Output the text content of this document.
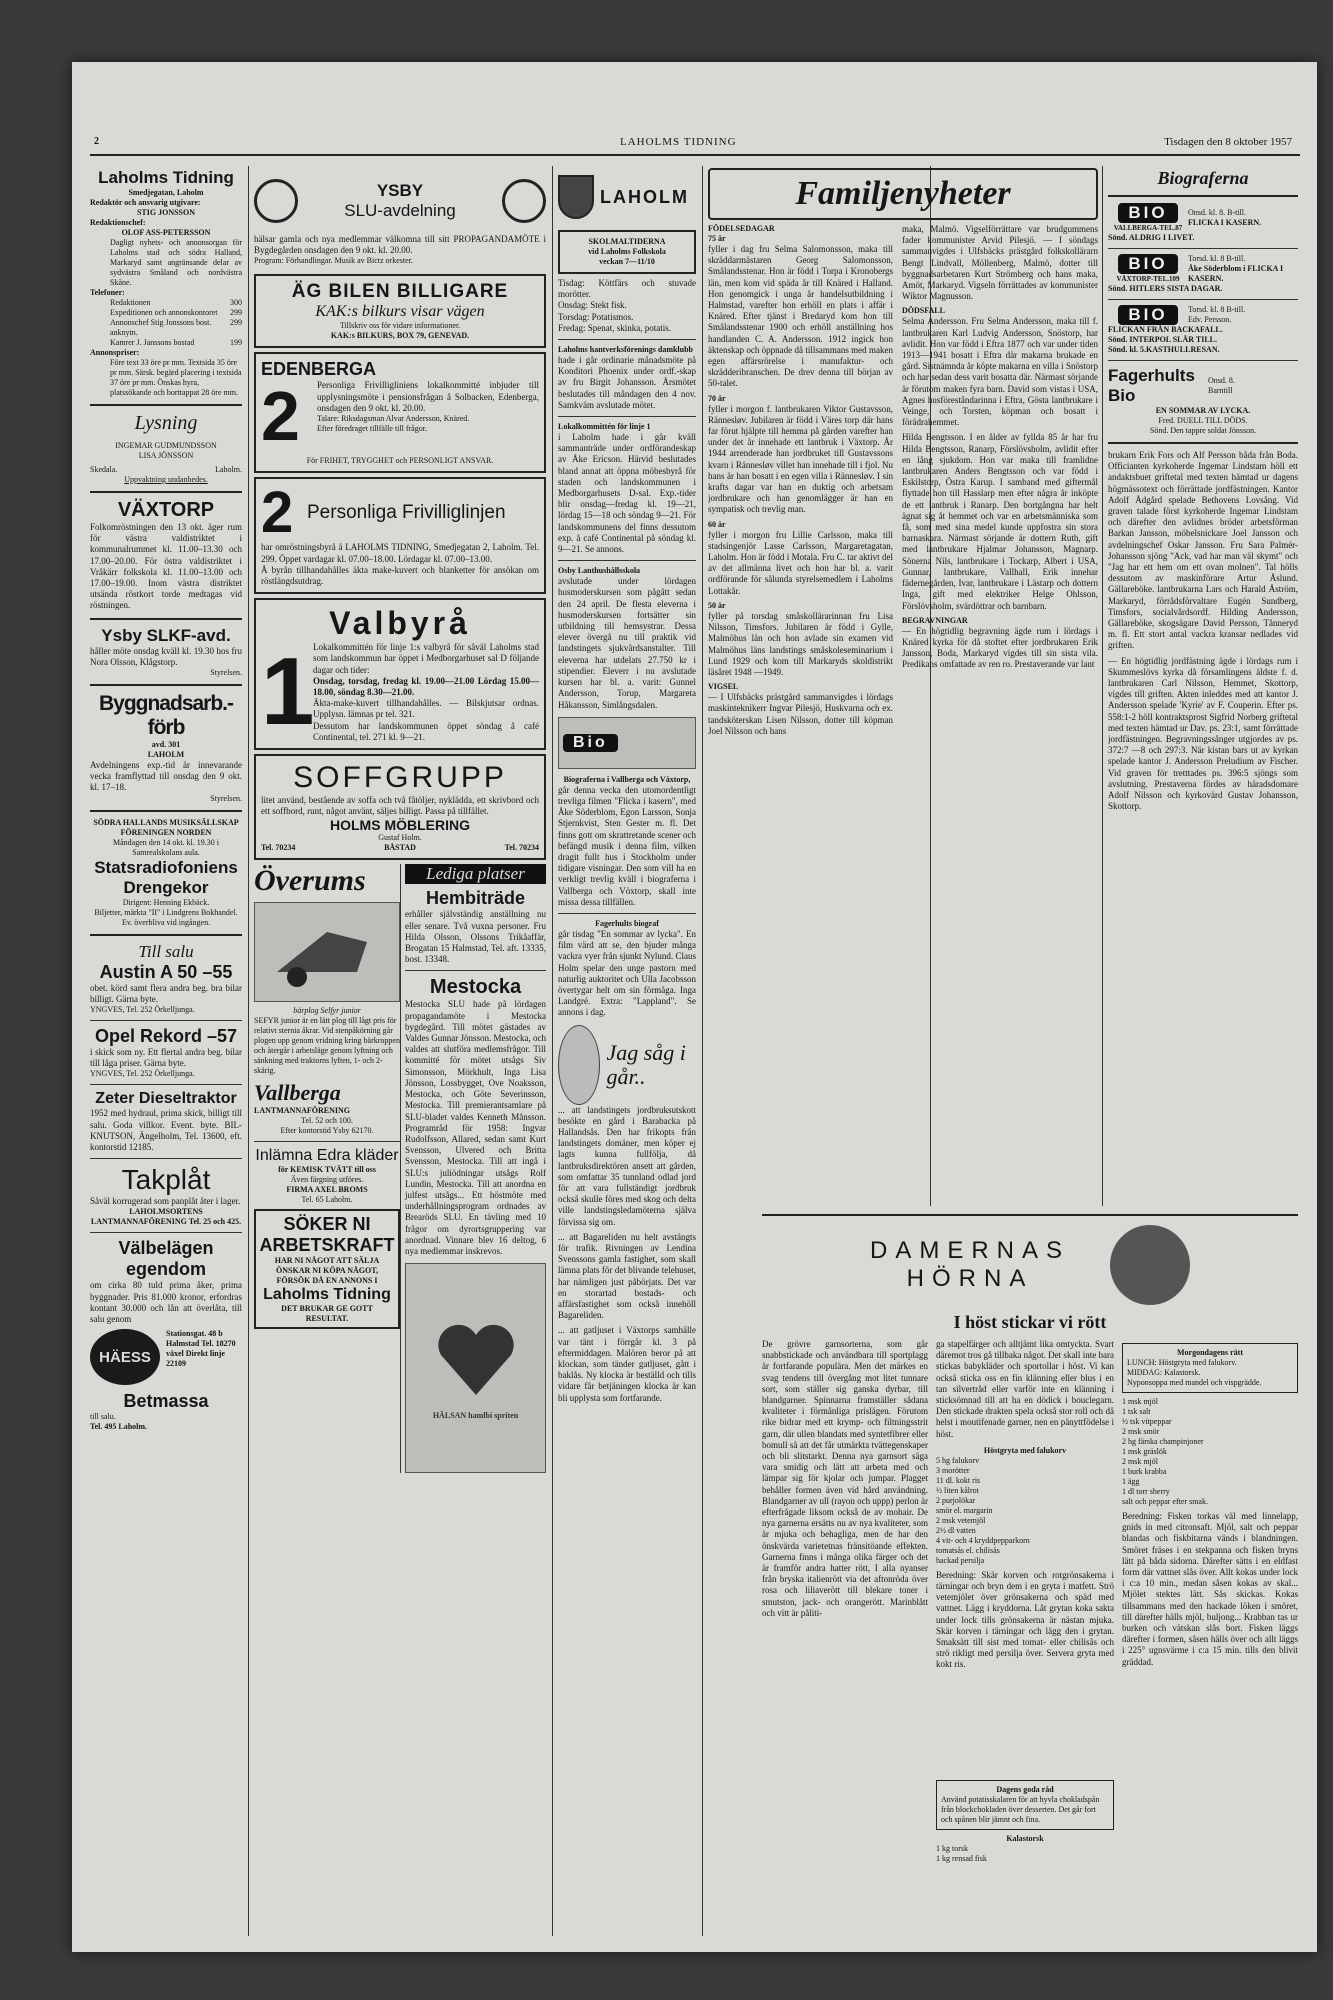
2	LAHOLMS TIDNING	Tisdagen den 8 oktober 1957
Laholms Tidning
Smedjegatan, Laholm
Redaktör och ansvarig utgivare:
STIG JONSSON
Redaktionschef:
OLOF ASS-PETERSSON
Dagligt nyhets- och annonsorgan för Laholms stad och södra Halland, Markaryd samt angränsande delar av sydvästra Småland och nordvästra Skåne.
Telefoner:
Redaktionen	300
Expeditionen och annonskontoret	299
Annonschef Stig Jonssons bost. anknytn.
299
Kamrer J. Janssons bostad	199
Annonspriser:
Före text 33 öre pr mm. Textsida 35 öre pr mm. Särsk. begärd placering i textsida 37 öre pr mm. Önskas hyra, platssökande och borttappat 28 öre mm.
Lysning
INGEMAR GUDMUNDSSON
LISA JÖNSSON
Skedala.	Laholm.
Uppvaktning undanbedes.
VÄXTORP
Folkomröstningen den 13 okt. äger rum för västra valdistriktet i kommunalrummet kl. 11.00–13.30 och 17.00–20.00. För östra valdistriktet i Vråkärr folkskola kl. 11.00–13.00 och 17.00–19.00. Inom västra distriktet utsända röstkort torde medtagas vid röstningen.
Ysby SLKF-avd.
håller möte onsdag kväll kl. 19.30 hos fru Nora Olsson, Klågstorp.
Styrelsen.
Byggnadsarb.-förb
avd. 301
LAHOLM
Avdelningens exp.-tid är innevarande vecka framflyttad till onsdag den 9 okt. kl. 17–18.
Styrelsen.
SÖDRA HALLANDS MUSIKSÄLLSKAP FÖRENINGEN NORDEN
Måndagen den 14 okt. kl. 19.30 i Samrealskolans aula.
Statsradiofoniens Drengekor
Dirigent: Henning Ekbäck.
Biljetter, märkta "II" i Lindgrens Bokhandel. Ev. överbliva vid ingången.
Till salu
Austin A 50 –55
obet. körd samt flera andra beg. bra bilar billigt. Gärna byte.
YNGVES, Tel. 252 Örkelljunga.
Opel Rekord –57
i skick som ny. Ett flertal andra beg. bilar till låga priser. Gärna byte.
YNGVES, Tel. 252 Örkelljunga.
Zeter Dieseltraktor
1952 med hydraul, prima skick, billigt till salu. Goda villkor. Event. byte. BIL-KNUTSON, Ängelholm, Tel. 13600, eft. kontorstid 12185.
Takplåt
Såväl korrugerad som panplåt åter i lager.
LAHOLMSORTENS LANTMANNAFÖRENING Tel. 25 och 425.
Välbelägen egendom
om cirka 80 tuld prima åker, prima byggnader. Pris 81.000 kronor, erfordras kontant 30.000 och lån att överlåta, till salu genom
HÄESS
Stationsgat. 48 b Halmstad Tel. 18270 växel Direkt linje 22109
Betmassa
till salu.
Tel. 495 Laholm.
YSBY
SLU-avdelning
hälsar gamla och nya medlemmar välkomna till sitt PROPAGANDAMÖTE i Bygdegården onsdagen den 9 okt. kl. 20.00.
Program: Förhandlingar. Musik av Bictz orkester.
ÄG BILEN BILLIGARE
KAK:s bilkurs visar vägen
Tillskriv oss för vidare informationer.
KAK:s BILKURS, BOX 79, GENEVAD.
EDENBERGA
2	Personliga Frivilligliniens lokalkommitté inbjuder till upplysningsmöte i pensionsfrågan å Solbacken, Edenberga, onsdagen den 9 okt. kl. 20.00.
Talare: Riksdagsman Alvar Andersson, Knäred.
Efter föredraget tillfälle till frågor.
För FRIHET, TRYGGHET och PERSONLIGT ANSVAR.
2 Personliga Frivilliglinjen
har omröstningsbyrå å LAHOLMS TIDNING, Smedjegatan 2, Laholm. Tel. 299. Öppet vardagar kl. 07.00–18.00. Lördagar kl. 07.00–13.00.
Å byrån tillhandahålles äkta make-kuvert och blanketter för ansökan om röstlängdsutdrag.
Valbyrå
1
Lokalkommittén för linje 1:s valbyrå för såväl Laholms stad som landskommun har öppet i Medborgarhuset sal D följande dagar och tider:
Onsdag, torsdag, fredag kl. 19.00—21.00 Lördag 15.00—18.00, söndag 8.30—21.00.
Äkta-make-kuvert tillhandahålles. — Bilskjutsar ordnas. Upplysn. lämnas pr tel. 321.
Dessutom har landskommunen öppet söndag å café Continental, tel. 271 kl. 9—21.
SOFFGRUPP
litet använd, bestående av soffa och två fåtöljer, nyklädda, ett skrivbord och ett soffbord, runt, något använt, säljes billigt. Passa på tillfället.
HOLMS MÖBLERING
Gustaf Holm.
Tel. 70234	BÅSTAD	Tel. 70234
Överums
bärplog Selfyr junior
SEFYR junior är en lätt plog till lågt pris för relativt sternia åkrar. Vid stenpåkörning går plogen upp genom vridning kring bärkroppen och återgår i arbetsläge genom lyftning och sänkning med traktorns lyften, 1- och 2-skärig.
Vallberga
LANTMANNAFÖRENING
Tel. 52 och 100.
Efter kontorstid Ysby 62170.
Inlämna Edra kläder
för KEMISK TVÄTT till oss
Även färgning utföres.
FIRMA AXEL BROMS
Tel. 65 Laholm.
SÖKER NI ARBETSKRAFT
HAR NI NÅGOT ATT SÄLJA ÖNSKAR NI KÖPA NÅGOT, FÖRSÖK DÅ EN ANNONS I
Laholms Tidning
DET BRUKAR GE GOTT RESULTAT.
Lediga platser
Hembiträde
erhåller självständig anställning nu eller senare. Två vuxna personer. Fru Hilda Olsson, Olssons Trikåaffär, Brogatan 15 Halmstad, Tel. aft. 13335, bost. 13348.
Mestocka
Mestocka SLU hade på lördagen propagandamöte i Mestocka bygdegård. Till mötet gästades av Valdes Gunnar Jönsson. Mestocka, och valdes att slutföra medlemsfrågor. Till kommitté för mötet utsågs Siv Simonsson, Mörkhult, Inga Lisa Jönsson, Lossbygget, Ove Noaksson, Mestocka, och Göte Severinsson, Mestocka. Till premierantsamlare på SLU-bladet valdes Kenneth Månsson. Programråd för 1958: Ingvar Rudolfsson, Allared, sedan samt Kurt Svensson, Ulvered och Britta Svensson, Mestocka. Till att ingå i SLU:s juliödningar utsågs Rolf Lundin, Mestocka. Till att anordna en julfest utsågs... Ett höstmöte med underhållningsprogram ordnades av Brearöds SLU. En tävling med 10 frågor om dyrortsgruppering var anordnad. Vinnare blev 16 deltog, 6 nya medlemmar inskrevos.
HÄLSAN hamlbi spriten
LAHOLM
SKOLMALTIDERNA
vid Laholms Folkskola
veckan 7—11/10
Tisdag: Köttfärs och stuvade morötter.
Onsdag: Stekt fisk.
Torsdag: Potatismos.
Fredag: Spenat, skinka, potatis.
Laholms hantverksförenings damklubb
hade i går ordinarie månadsmöte på Konditori Phoenix under ordf.-skap av fru Birgit Johansson. Årsmötet beslutades till måndagen den 4 nov. Samkväm avslutade mötet.
Lokalkommittén för linje 1
i Laholm hade i går kväll sammanträde under ordförandeskap av Åke Ericson. Härvid beslutades bland annat att öppna möbesbyrå för staden och landskommunen i Medborgarhusets D-sal. Exp.-tider blir onsdag—fredag kl. 19—21, lördag 15—18 och söndag 9—21. För landskommunens del finns dessutom exp. å café Continental på söndag kl. 9—21. Se annons.
Osby Lanthushållsskola
avslutade under lördagen husmoderskursen som pågått sedan den 24 april. De flesta eleverna i husmoderskursen fortsätter sin utbildning till hemsystrar. Dessa elever övergå nu till praktik vid landstingets sjukvårdsanstalter. Till eleverna har utdelats 27.750 kr i stipendier. Eleverr i nu avslutade kursen har bl. a. varit: Gunnel Andersson, Torup, Margareta Håkansson, Simlångsdalen.
Bio
Biograferna i Vallberga och Våxtorp,
går denna vecka den utomordentligt trevliga filmen "Flicka i kasern", med Åke Söderblom, Egon Larsson, Sonja Stjernkvist, Sten Gester m. fl. Det finns gott om skrattretande scener och befängd musik i denna film, vilken dragit fullt hus i Stockholm under tidigare visningar. Den som vill ha en verkligt trevlig kväll i biograferna i Vallberga och Vöxtorp, skall inte missa dessa tillfällen.
Fagerhults biograf
går tisdag "En sommar av lycka". En film värd att se, den bjuder många vackra vyer från sjunkt Nylund. Claus Holm spelar den unge pastorn med naturlig auktoritet och Ulla Jacobsson övertygar helt om sin förmåga. Inga Landgré. Extra: "Lappland". Se annons i dag.
Jag såg i går..
... att landstingets jordbruksutskott besökte en gård i Barabacka på Hallandsås. Den har frikopts från landstingets domäner, men köper ej lagts kunna fullfölja, då lantbruksdirektören ansett att gården, som omfattar 35 tunnland odlad jord för att vara fullständigt jordbruk också skulle föres med skog och delta ville landstingsledamöterna själva förvissa sig om.
... att Bagareliden nu helt avstängts för trafik. Rivningen av Lendina Svenssons gamla fastighet, som skall lämna plats för det blivande telehuset, har nämligen just påbörjats. Det var en storartad bostads- och affärsfastighet som också innehöll Bagareliden.
... att gatljuset i Växtorps samhälle var tänt i förrgår kl. 3 på eftermiddagen. Malören beror på att klockan, som tänder gatljuset, gått i baklås. Ny klocka är beställd och tills vidare får betjäningen klocka är kan bli upplysta som fortfarande.
Familjenyheter
FÖDELSEDAGAR
75 år
fyller i dag fru Selma Salomonsson, maka till skräddarmästaren Georg Salomonsson, Smålandsstenar. Hon är född i Torpa i Kronobergs län, men kom vid späda år till Knäred i Halland. Hon genomgick i unga år handelsutbildning i Halmstad, varefter hon erhöll en plats i affär i Knäred. Efter tjänst i Bredaryd kom hon till Smålandsstenar 1900 och erhöll anställning hos handlanden C. A. Andersson. 1912 ingick hon äktenskap och öppnade då tillsammans med maken egen affärsrörelse i manufaktur- och skrädderibranschen. De drev denna till början av 50-talet.
70 år
fyller i morgon f. lantbrukaren Viktor Gustavsson, Rännesløv. Jubilaren är född i Väres torp där hans far förut hjälpte till hemma på gården varefter han under det år innehade ett lantbruk i Växtorp. År 1944 arrenderade han jordbruket till Gustavssons kvarn i Rännesløv villet han innehade till i fjol. Nu hans är han bosatt i en egen villa i Rännesløv. I sin krafts dagar var han en duktig och arbetsam jordbrukare och han genomlägger är han en sympatisk och trevlig man.
60 år
fyller i morgon fru Lillie Carlsson, maka till stadsingenjör Lasse Carlsson, Margaretagatan, Laholm. Hon är född i Motala. Fru C. tar aktivt del av det allmänna livet och hon har bl. a. varit ordförande för sålunda styrelsemedlem i Laholms Lottakår.
50 år
fyller på torsdag småskollärarinnan fru Lisa Nilsson, Timsfors. Jubilaren är född i Gylle, Malmöhus län och hon avlade sin examen vid Malmöhus läns landstings småskoleseminarium i Lund 1929 och kom till Markaryds skoldistrikt läsåret 1948 —1949.
VIGSEL
— I Ulfsbäcks prästgård sammanvigdes i lördags maskinteknikerr Ingvar Pilesjö, Huskvarna och ex. tandsköterskan Lisen Nilsson, dotter till köpman Joel Nilsson och hans
maka, Malmö. Vigselförrättare var brudgummens fader kommunister Arvid Pilesjö. — I söndags sammanvigdes i Ulfsbäcks prästgård folkskollärarn Bengt Lindvall, Möllenberg, Malmö, dotter till byggnadsarbetaren Kurt Strömberg och hans maka, Amöt, Markaryd. Vigseln förrättades av kommunister Wiktor Magnusson.
DÖDSFALL
Selma Andersson. Fru Selma Andersson, maka till f. lantbrukaren Karl Ludvig Andersson, Snöstorp, har avlidit. Hon var född i Eftra 1877 och var under tiden 1913—1941 bosatt i Eftra där makarna brukade en gård. Sistnämnda år köpte makarna en villa i Snöstorp och har sedan dess varit bosatta där. Närmast sörjande är förutom maken fyra barn. David som vistas i USA, Agnes husföreståndarinna i Eftra, Gösta lantbrukare i Veinge, och Torsten, köpman och bosatt i förädrahemmet.
Hilda Bengtsson. I en ålder av fyllda 85 år har fru Hilda Bengtsson, Ranarp, Förslövsholm, avlidit efter en lång sjukdom. Hon var maka till framlidne lantbrukaren Anders Bengtsson och var född i Eskilstorp, Östra Karup. I samband med giftermål flyttade hon till Hasslarp men efter några år inköpte de ett lantbruk i Ranarp. Den bortgångna har helt ägnat sig åt hemmet och var en arbetsmänniska som få, som med sina medel kunde uppfostra sin stora barnaskara. Närmast sörjande är dottern Ruth, gift med lantbrukare Hjalmar Johansson, Magnarp. Sönerna Nils, lantbrukare i Tockarp, Albert i USA, Gunnar, lantbrukare, Vallhall, Erik innehar fädernegården, Ivar, lantbrukare i Lästarp och dottern Inga, gift med elektriker Helge Ohlsson, Förslövsholm, svärdöttrar och barnbarn.
BEGRAVNINGAR
— En högtidlig begravning ägde rum i lördags i Knäred kyrka för då stoftet efter jordbrukaren Erik Jansson, Boda, Markaryd vigdes till sin sista vila. Predikans omfattade av ren ro. Prestaverande var lant
Biograferna
BIO
VALLBERGA-TEL.87
Onsd. kl. 8. B-till.
FLICKA I KASERN.
Sönd. ALDRIG I LIVET.
BIO
VÄXTORP-TEL.109
Torsd. kl. 8 B-till.
Åke Söderblom i FLICKA I KASERN.
Sönd. HITLERS SISTA DAGAR.
BIO	Torsd. kl. 8 B-till.
Edv. Persson.
FLICKAN FRÅN BACKAFALL.
Sönd. INTERPOL SLÅR TILL.
Sönd. kl. 5.KASTHULLRESAN.
Fagerhults Bio
Onsd. 8.
Barntill
EN SOMMAR AV LYCKA.
Fred. DUELL TILL DÖDS.
Sönd. Den tappre soldat Jönsson.
brukarn Erik Fors och Alf Persson båda från Boda. Officianten kyrkoherde Ingemar Lindstam höll ett andaktsbuet griftetal med texten hämtad ur dagens högmässotext och förrättade jordfästningen. Kantor Adolf Ådgård spelade Bethovens Lovsång. Vid graven talade först kyrkoherde Ingemar Lindstam och därefter den avlidnes bröder arbetsförman Barkan Jansson, möbelsnickare Joel Jansson och avdelningschef Oskar Jansson. Fru Sara Palmér-Johansson sjöng "Ack, vad har man väl skymt" och "Jag har ett hem om ett ovan molnen". Tal hölls dessutom av maskinförare Artur Åslund. Gällareböke. lantbrukarna Lars och Harald Åström, Markaryd, förrådsförvaltare Eugén Sundberg, Timsfors, socialvårdsordf. Hilding Andersson, Gällareböke, skogsägare David Persson, Tånneryd m. fl. Ett stort antal vackra kransar nedlades vid griften.
— En högtidlig jordfästning ägde i lördags rum i Skummeslövs kyrka då församlingens äldste f. d. lantbrukaren Carl Nilsson, Hemmet, Skottorp, vigdes till griften. Akten inleddes med att kantor J. Andersson spelade 'Kyrie' av F. Couperin. Efter ps. 558:1-2 höll kontraktsprost Sigfrid Norberg griftetal med texten hämtad ur Dav. ps. 23:1, samt förrättade jordfästningen. Begravningssånger utgjordes av ps. 372:7 —8 och 297:3. När kistan bars ut av kyrkan spelade kantor J. Andersson Preludium av Fischer. Vid graven för tretttades ps. 396:5 sjöngs som avslutning. Prestaverna fördes av häradsdomare Adolf Nilsson och kyrkovärd Gustav Johansson, Skottorp.
DAMERNAS
HÖRNA
I höst stickar vi rött
De grövre garnsorterna, som går snabbstickade och användbara till sportplagg är fortfarande populära. Men det märkes en svag tendens till övergång mot litet tunnare sort, som ställer sig ganska dyrbar, till blandgarner. Spinnarna framställer sådana kvaliteter i förmånliga prislägen. Förutom rike bidrar med ett krymp- och filtningsstrit garn, där ullen blandats med syntetfibrer eller bomull så att det får utmärkta tvättegenskaper och bli slitstarkt. Denna nya garnsort säga vara smidig och lätt att arbeta med och lämpar sig för kjolar och jumpar. Plagget behåller formen även vid hård användning. Blandgarner av ull (rayon och uppp) perlon är efterfrågade liksom också de av mohair. De nya garnerna ersätts nu av nya kvaliteter, som är mjuka och behagliga, men de har den önskvärda varietetnas fränsitöande effekten. Garnerna finns i många olika färger och det är framför andra hatter rött, I alla nyanser från bryska italienrött via det aftonröda över rosa och liliaverött till blekare toner i smutston, jack- och orangerött. Marinblått och vitt är påliti-
ga stapelfärger och alltjämt lika omtyckta. Svart däremot tros gå tillbaka något. Det skall inte bara stickas babykläder och sportollar i höst. Vi kan också sticka oss en fin klänning eller blus i en tan silvertråd eller varför inte en klänning i sticksömnad till att ha en dödick i bouclegarn. Den stickade drakten spela också stor roll och då helst i moutifenade garner, nen en pänyttfödelse i höst.
Höstgryta med falukorv
5 hg falukorv
3 morötter
11 dl. kokt ris
½ liten kålrot
2 purjolökar
smör el. margarin
2 msk vetemjöl
2½ dl vatten
4 vit- och 4 kryddpepparkorn
tomatsås el. chilisås
hackad persilja
Beredning: Skär korven och rotgrönsakerna i tärningar och bryn dem i en gryta i matfett. Strö vetemjölet över grönsakerna och späd med vattnet. Lägg i kryddorna. Låt grytan koka sakta under lock tills grönsakerna är nästan mjuka. Skär korven i tärningar och lägg den i grytan. Smaksätt till sist med tomat- eller chilisås och strö rikligt med persilja över. Servera gryta med kokt ris.
Morgondagens rätt
LUNCH: Höstgryta med falukorv.
MIDDAG: Kalastorsk.
Nyponsoppa med mandel och vispgrädde.
1 msk mjöl
1 tsk salt
½ tsk vitpeppar
2 msk smör
2 hg färska champinjoner
1 msk gräslök
2 msk mjöl
1 burk krabba
1 ägg
1 dl torr sherry
salt och peppar efter smak.
Beredning: Fisken torkas väl med linnelapp, gnids in med citronsaft. Mjöl, salt och peppar blandas och fiskbitarna vänds i blandningen. Smöret fräses i en stekpanna och fisken bryns lätt på båda sidorna. Därefter sätts i en eldfast form där vattnet slås över. Allt kokas under lock i c:a 10 min., medan såsen kokas av skal... Mjölet stektes lätt. Sås skickas. Kokas tillsammans med den hackade löken i smöret, till därefter hälls mjöl, buljong... Krabban tas ur burken och vätskan slås bort. Fisken läggs därefter i formen, såsen hälls över och allt läggs i 225° ugnsvärme i c:a 15 min. tills den blivit gräddad.
Dagens goda råd
Använd potatisskalaren för att hyvla chokladspån från blockchokladen över desserten. Det går fort och spånen blir jämnt och fina.
Kalastorsk
1 kg torsk
1 kg rensad fisk
